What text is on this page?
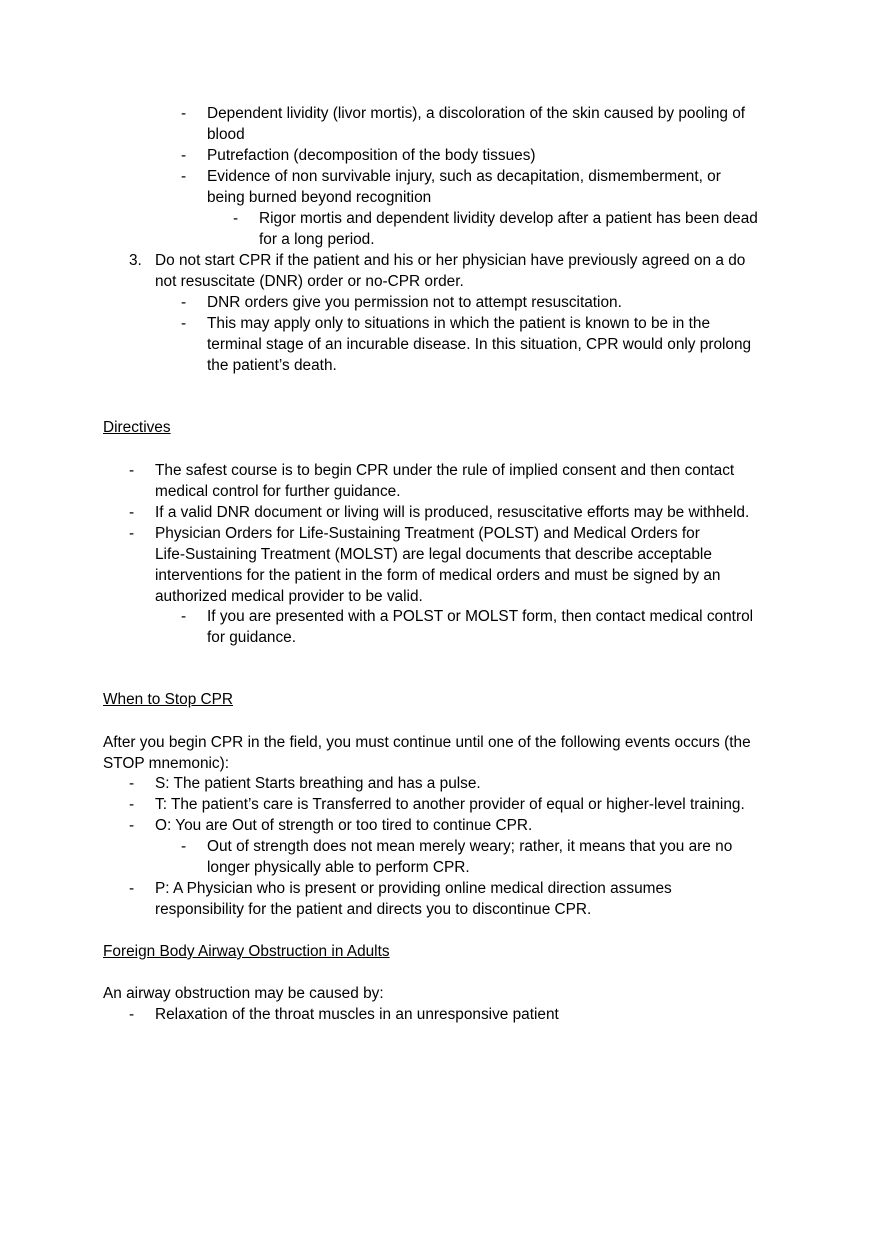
- Dependent lividity (livor mortis), a discoloration of the skin caused by pooling of
blood
- Putrefaction (decomposition of the body tissues)
- Evidence of non survivable injury, such as decapitation, dismemberment, or
being burned beyond recognition
- Rigor mortis and dependent lividity develop after a patient has been dead
for a long period.
3. Do not start CPR if the patient and his or her physician have previously agreed on a do
not resuscitate (DNR) order or no-CPR order.
- DNR orders give you permission not to attempt resuscitation.
- This may apply only to situations in which the patient is known to be in the
terminal stage of an incurable disease. In this situation, CPR would only prolong
the patient’s death.
Directives
- The safest course is to begin CPR under the rule of implied consent and then contact
medical control for further guidance.
- If a valid DNR document or living will is produced, resuscitative efforts may be withheld.
- Physician Orders for Life-Sustaining Treatment (POLST) and Medical Orders for
Life-Sustaining Treatment (MOLST) are legal documents that describe acceptable
interventions for the patient in the form of medical orders and must be signed by an
authorized medical provider to be valid.
- If you are presented with a POLST or MOLST form, then contact medical control
for guidance.
When to Stop CPR
After you begin CPR in the field, you must continue until one of the following events occurs (the
STOP mnemonic):
- S: The patient Starts breathing and has a pulse.
- T: The patient’s care is Transferred to another provider of equal or higher-level training.
- O: You are Out of strength or too tired to continue CPR.
- Out of strength does not mean merely weary; rather, it means that you are no
longer physically able to perform CPR.
- P: A Physician who is present or providing online medical direction assumes
responsibility for the patient and directs you to discontinue CPR.
Foreign Body Airway Obstruction in Adults
An airway obstruction may be caused by:
- Relaxation of the throat muscles in an unresponsive patient
